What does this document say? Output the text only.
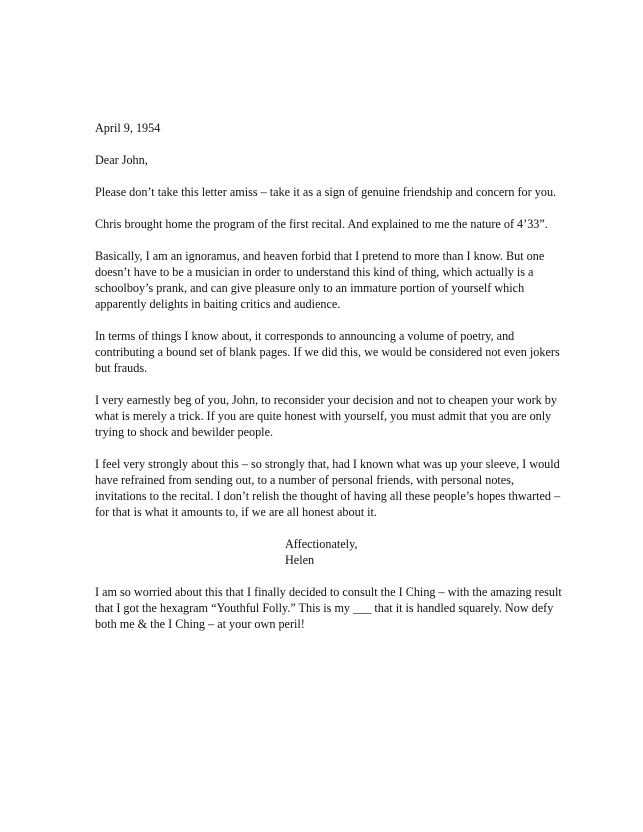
April 9, 1954

Dear John,

Please don’t take this letter amiss – take it as a sign of genuine friendship and concern for you.

Chris brought home the program of the first recital. And explained to me the nature of 4’33”.

Basically, I am an ignoramus, and heaven forbid that I pretend to more than I know. But one doesn’t have to be a musician in order to understand this kind of thing, which actually is a schoolboy’s prank, and can give pleasure only to an immature portion of yourself which apparently delights in baiting critics and audience.

In terms of things I know about, it corresponds to announcing a volume of poetry, and contributing a bound set of blank pages. If we did this, we would be considered not even jokers but frauds.

I very earnestly beg of you, John, to reconsider your decision and not to cheapen your work by what is merely a trick. If you are quite honest with yourself, you must admit that you are only trying to shock and bewilder people.

I feel very strongly about this – so strongly that, had I known what was up your sleeve, I would have refrained from sending out, to a number of personal friends, with personal notes, invitations to the recital. I don’t relish the thought of having all these people’s hopes thwarted – for that is what it amounts to, if we are all honest about it.

Affectionately,
Helen

I am so worried about this that I finally decided to consult the I Ching – with the amazing result that I got the hexagram “Youthful Folly.” This is my ___ that it is handled squarely. Now defy both me & the I Ching – at your own peril!
